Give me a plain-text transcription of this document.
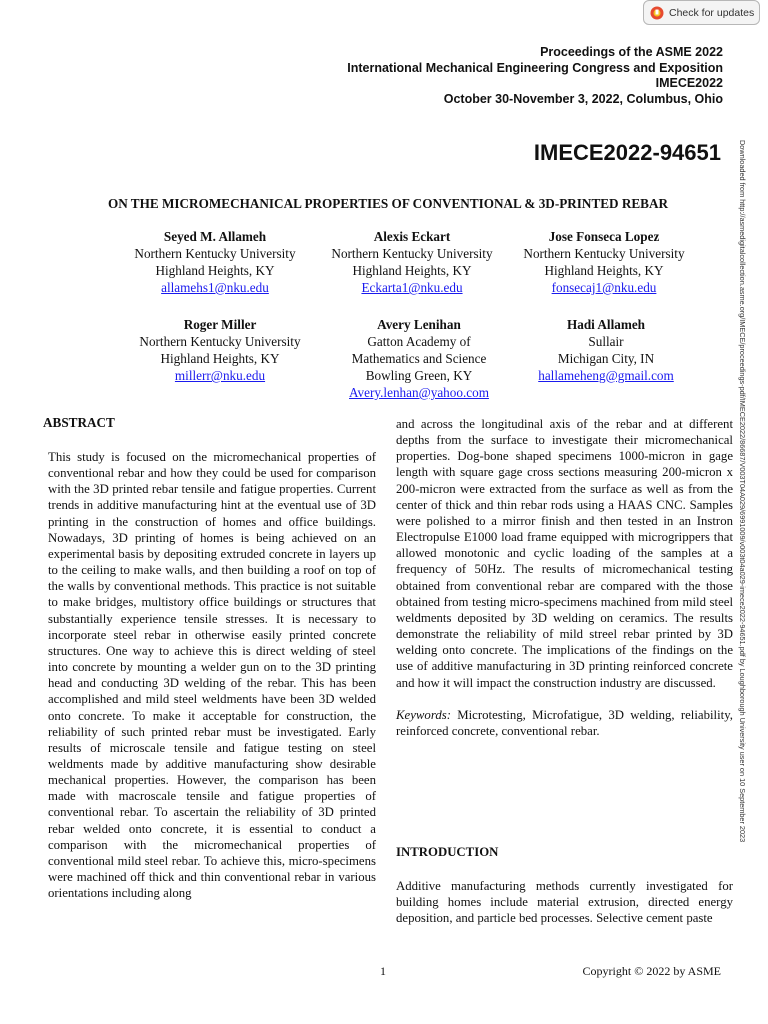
Check for updates
Proceedings of the ASME 2022
International Mechanical Engineering Congress and Exposition
IMECE2022
October 30-November 3, 2022, Columbus, Ohio
IMECE2022-94651	Downloaded from http://asmedigitalcollection.asme.org/IMECE/proceedings-pdf/IMECE2022/86687/V003T04A029/6991009/v003t04a029-imece2022-94651.pdf by Loughborough University user on 10 September 2023
ON THE MICROMECHANICAL PROPERTIES OF CONVENTIONAL & 3D-PRINTED REBAR
Seyed M. Allameh
Northern Kentucky University
Highland Heights, KY
allamehs1@nku.edu
Alexis Eckart
Northern Kentucky University
Highland Heights, KY
Eckarta1@nku.edu
Jose Fonseca Lopez
Northern Kentucky University
Highland Heights, KY
fonsecaj1@nku.edu
Roger Miller
Northern Kentucky University
Highland Heights, KY
millerr@nku.edu
Avery Lenihan
Gatton Academy of
Mathematics and Science
Bowling Green, KY
Avery.lenhan@yahoo.com
Hadi Allameh
Sullair
Michigan City, IN
hallameheng@gmail.com
ABSTRACT

This study is focused on the micromechanical properties of conventional rebar and how they could be used for comparison with the 3D printed rebar tensile and fatigue properties. Current trends in additive manufacturing hint at the eventual use of 3D printing in the construction of homes and office buildings. Nowadays, 3D printing of homes is being achieved on an experimental basis by depositing extruded concrete in layers up to the ceiling to make walls, and then building a roof on top of the walls by conventional methods. This practice is not suitable to make bridges, multistory office buildings or structures that substantially experience tensile stresses. It is necessary to incorporate steel rebar in otherwise easily printed concrete structures. One way to achieve this is direct welding of steel into concrete by mounting a welder gun on to the 3D printing head and conducting 3D welding of the rebar. This has been accomplished and mild steel weldments have been 3D welded onto concrete. To make it acceptable for construction, the reliability of such printed rebar must be investigated. Early results of microscale tensile and fatigue testing on steel weldments made by additive manufacturing show desirable mechanical properties. However, the comparison has been made with macroscale tensile and fatigue properties of conventional rebar. To ascertain the reliability of 3D printed rebar welded onto concrete, it is essential to conduct a comparison with the micromechanical properties of conventional mild steel rebar. To achieve this, micro-specimens were machined off thick and thin conventional rebar in various orientations including along

and across the longitudinal axis of the rebar and at different depths from the surface to investigate their micromechanical properties. Dog-bone shaped specimens 1000-micron in gage length with square gage cross sections measuring 200-micron x 200-micron were extracted from the surface as well as from the center of thick and thin rebar rods using a HAAS CNC. Samples were polished to a mirror finish and then tested in an Instron Electropulse E1000 load frame equipped with microgrippers that allowed monotonic and cyclic loading of the samples at a frequency of 50Hz. The results of micromechanical testing obtained from conventional rebar are compared with the those obtained from testing micro-specimens machined from mild steel weldments deposited by 3D welding on ceramics. The results demonstrate the reliability of mild streel rebar printed by 3D welding onto concrete. The implications of the findings on the use of additive manufacturing in 3D printing reinforced concrete and how it will impact the construction industry are discussed.

Keywords: Microtesting, Microfatigue, 3D welding, reliability, reinforced concrete, conventional rebar.

INTRODUCTION

Additive manufacturing methods currently investigated for building homes include material extrusion, directed energy deposition, and particle bed processes. Selective cement paste

1	Copyright © 2022 by ASME
